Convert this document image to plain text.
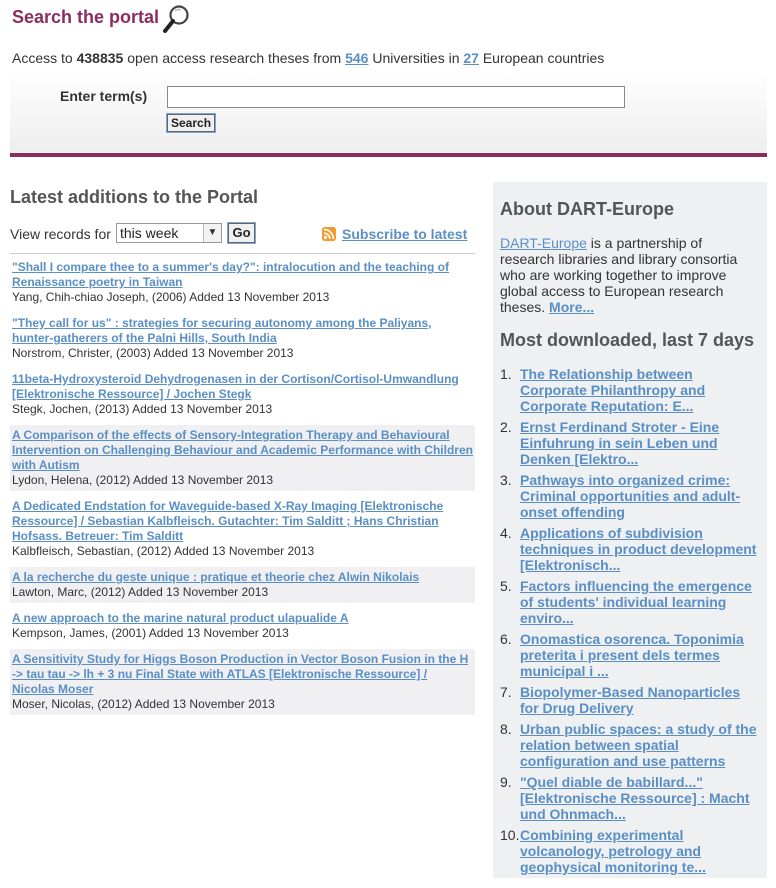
Search the portal
Access to 438835 open access research theses from 546 Universities in 27 European countries
Enter term(s)
Search
Latest additions to the Portal
View records for this week	▼	Go	Subscribe to latest
"Shall I compare thee to a summer's day?": intralocution and the teaching of Renaissance poetry in Taiwan
Yang, Chih-chiao Joseph, (2006) Added 13 November 2013
"They call for us" : strategies for securing autonomy among the Paliyans, hunter-gatherers of the Palni Hills, South India
Norstrom, Christer, (2003) Added 13 November 2013
11beta-Hydroxysteroid Dehydrogenasen in der Cortison/Cortisol-Umwandlung [Elektronische Ressource] / Jochen Stegk
Stegk, Jochen, (2013) Added 13 November 2013
A Comparison of the effects of Sensory-Integration Therapy and Behavioural Intervention on Challenging Behaviour and Academic Performance with Children with Autism
Lydon, Helena, (2012) Added 13 November 2013
A Dedicated Endstation for Waveguide-based X-Ray Imaging [Elektronische Ressource] / Sebastian Kalbfleisch. Gutachter: Tim Salditt ; Hans Christian Hofsass. Betreuer: Tim Salditt
Kalbfleisch, Sebastian, (2012) Added 13 November 2013
A la recherche du geste unique : pratique et theorie chez Alwin Nikolais
Lawton, Marc, (2012) Added 13 November 2013
A new approach to the marine natural product ulapualide A
Kempson, James, (2001) Added 13 November 2013
A Sensitivity Study for Higgs Boson Production in Vector Boson Fusion in the H -> tau tau -> lh + 3 nu Final State with ATLAS [Elektronische Ressource] / Nicolas Moser
Moser, Nicolas, (2012) Added 13 November 2013
About DART-Europe
DART-Europe is a partnership of research libraries and library consortia who are working together to improve global access to European research theses. More...
Most downloaded, last 7 days
1. The Relationship between Corporate Philanthropy and Corporate Reputation: E...
2. Ernst Ferdinand Stroter - Eine Einfuhrung in sein Leben und Denken [Elektro...
3. Pathways into organized crime: Criminal opportunities and adult-onset offending
4. Applications of subdivision techniques in product development [Elektronisch...
5. Factors influencing the emergence of students' individual learning enviro...
6. Onomastica osorenca. Toponimia preterita i present dels termes municipal i ...
7. Biopolymer-Based Nanoparticles for Drug Delivery
8. Urban public spaces: a study of the relation between spatial configuration and use patterns
9. "Quel diable de babillard..." [Elektronische Ressource] : Macht und Ohnmach...
10. Combining experimental volcanology, petrology and geophysical monitoring te...
